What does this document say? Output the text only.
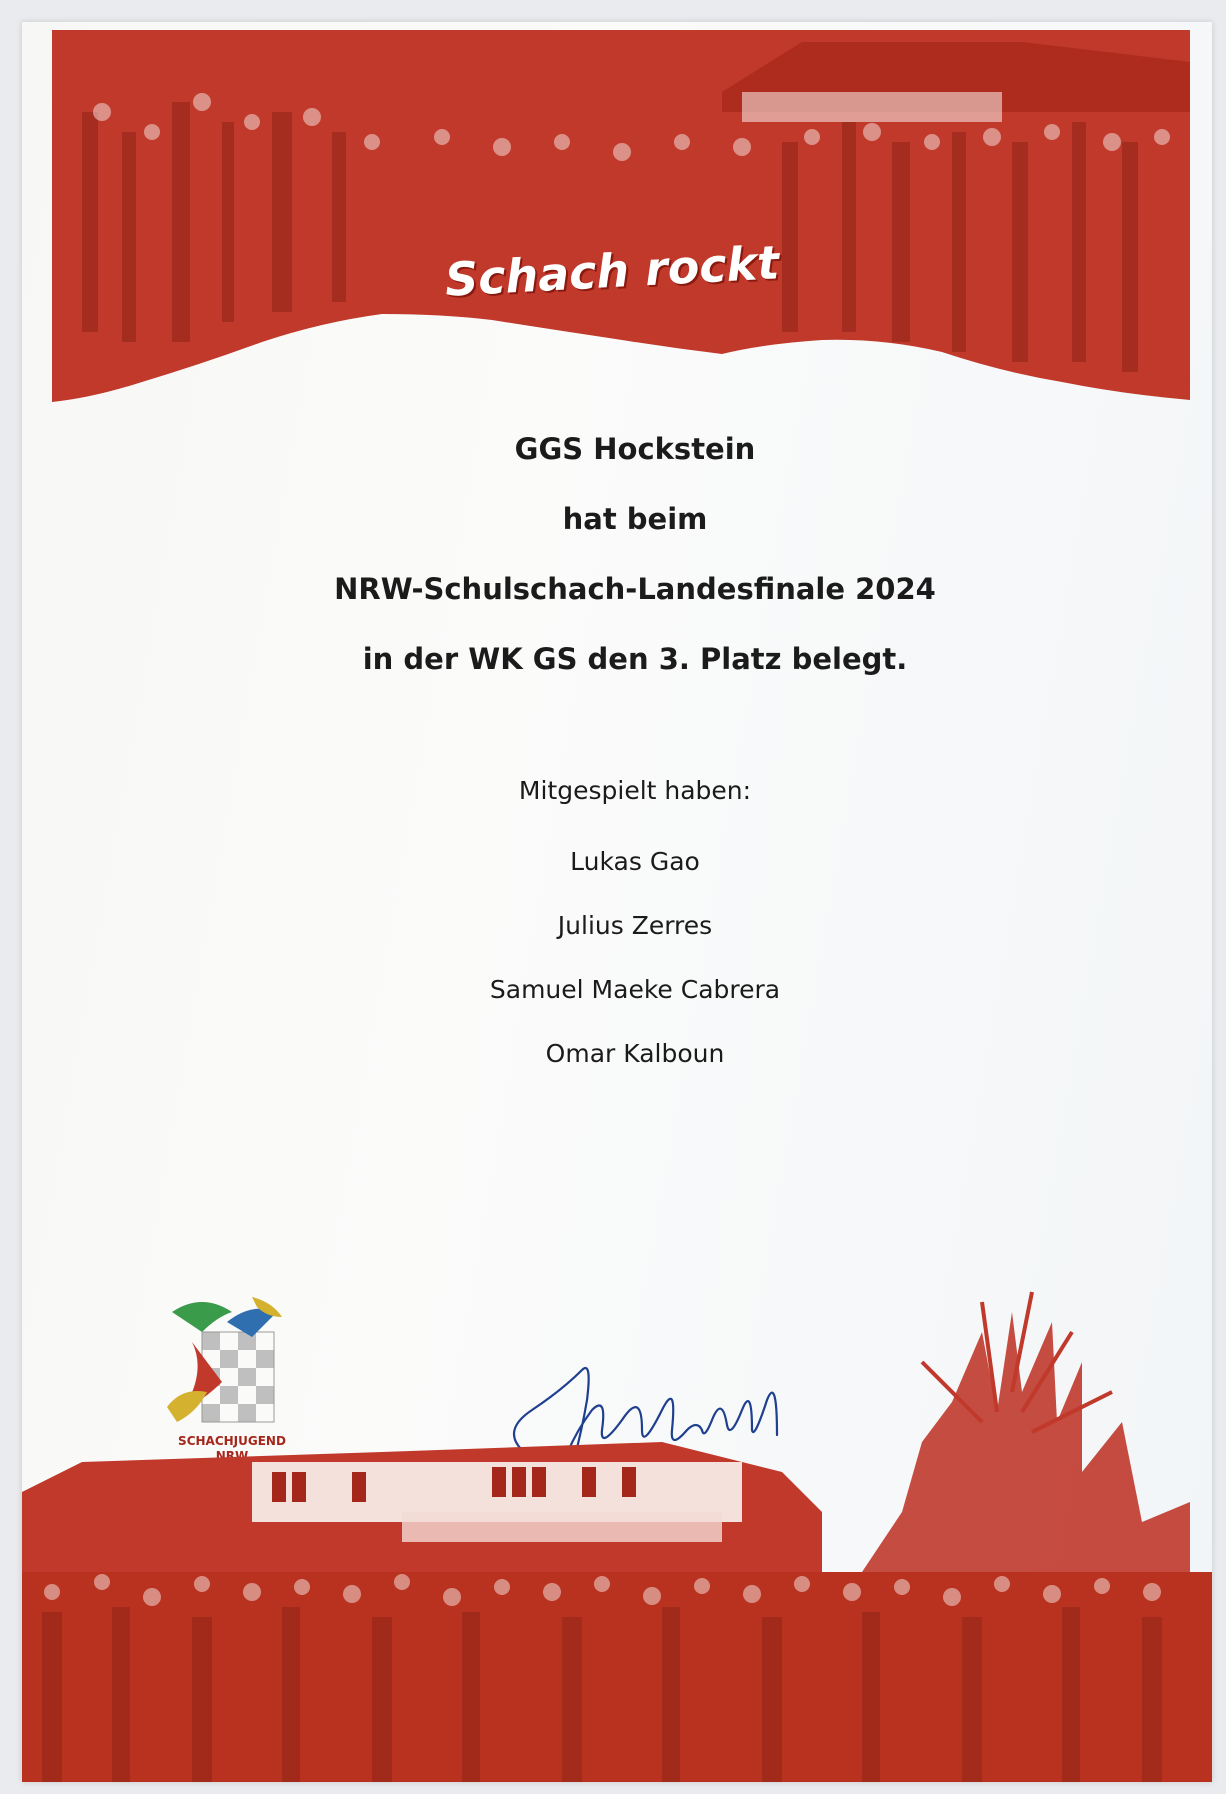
Schach rockt
GGS Hockstein
hat beim
NRW-Schulschach-Landesfinale 2024
in der WK GS den 3. Platz belegt.
Mitgespielt haben:
Lukas Gao
Julius Zerres
Samuel Maeke Cabrera
Omar Kalboun
SCHACHJUGEND
NRW
